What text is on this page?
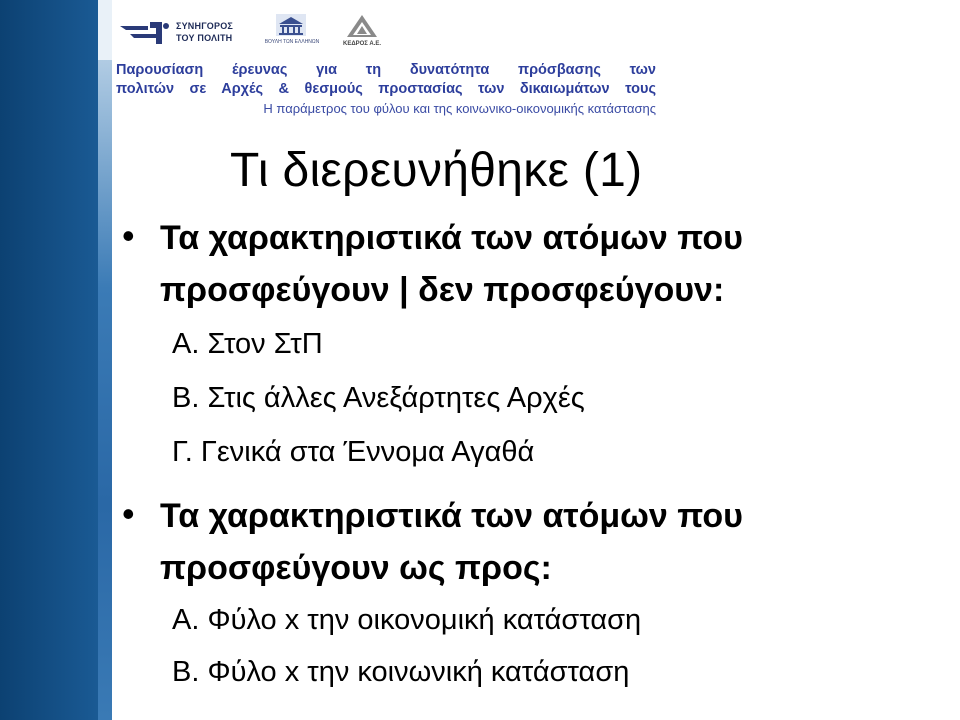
ΣΥΝΗΓΟΡΟΣ
ΤΟΥ ΠΟΛΙΤΗ	ΒΟΥΛΗ ΤΩΝ ΕΛΛΗΝΩΝ	ΚΕΔΡΟΣ Α.Ε.
Παρουσίαση έρευνας για τη δυνατότητα πρόσβασης των
πολιτών σε Αρχές & θεσμούς προστασίας των δικαιωμάτων τους
Η παράμετρος του φύλου και της κοινωνικο-οικονομικής κατάστασης
Τι διερευνήθηκε (1)
• Τα χαρακτηριστικά των ατόμων που
προσφεύγουν | δεν προσφεύγουν:
Α. Στον ΣτΠ
Β. Στις άλλες Ανεξάρτητες Αρχές
Γ. Γενικά στα Έννομα Αγαθά
• Τα χαρακτηριστικά των ατόμων που
προσφεύγουν ως προς:
Α. Φύλο x την οικονομική κατάσταση
Β. Φύλο x την κοινωνική κατάσταση
